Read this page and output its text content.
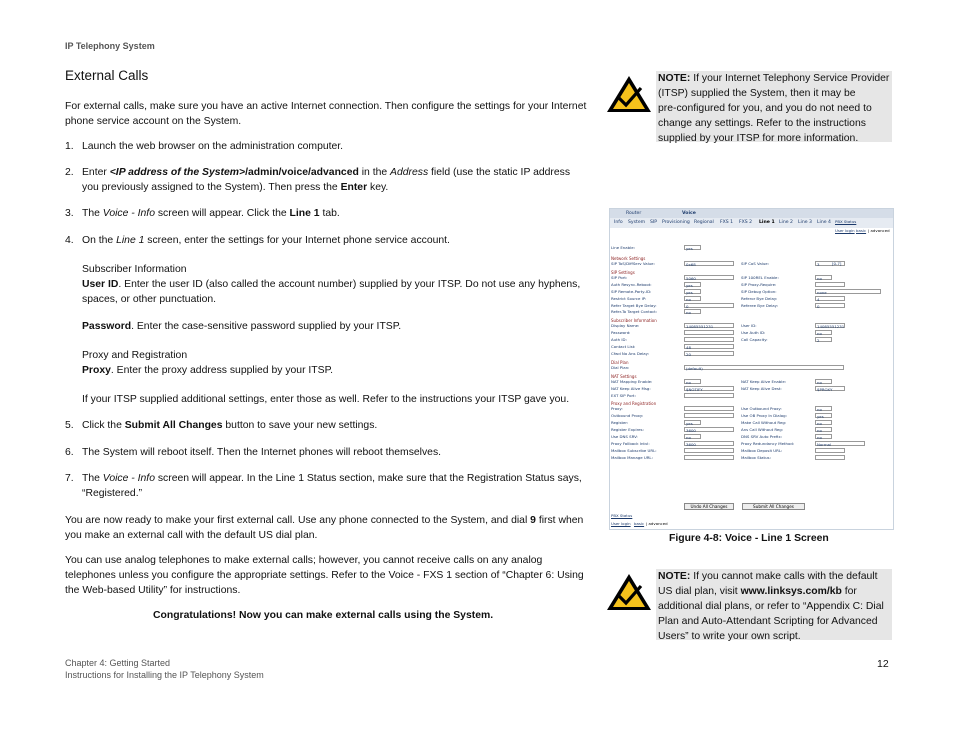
IP Telephony System
External Calls
For external calls, make sure you have an active Internet connection. Then configure the settings for your Internet phone service account on the System.
1. Launch the web browser on the administration computer.
2. Enter <IP address of the System>/admin/voice/advanced in the Address field (use the static IP address
you previously assigned to the System). Then press the Enter key.
3. The Voice - Info screen will appear. Click the Line 1 tab.
4. On the Line 1 screen, enter the settings for your Internet phone service account.
Subscriber Information
User ID. Enter the user ID (also called the account number) supplied by your ITSP. Do not use any hyphens,
spaces, or other punctuation.
Password. Enter the case-sensitive password supplied by your ITSP.
Proxy and Registration
Proxy. Enter the proxy address supplied by your ITSP.
If your ITSP supplied additional settings, enter those as well. Refer to the instructions your ITSP gave you.
5. Click the Submit All Changes button to save your new settings.
6. The System will reboot itself. Then the Internet phones will reboot themselves.
7. The Voice - Info screen will appear. In the Line 1 Status section, make sure that the Registration Status says,
“Registered.”
You are now ready to make your first external call. Use any phone connected to the System, and dial 9 first when
you make an external call with the default US dial plan.
You can use analog telephones to make external calls; however, you cannot receive calls on any analog
telephones unless you configure the appropriate settings. Refer to the Voice - FXS 1 section of “Chapter 6: Using
the Web-based Utility” for instructions.
Congratulations! Now you can make external calls using the System.
NOTE: If your Internet Telephony Service Provider
(ITSP) supplied the System, then it may be
pre-configured for you, and you do not need to
change any settings. Refer to the instructions
supplied by your ITSP for more information.
NOTE: If you cannot make calls with the default
US dial plan, visit www.linksys.com/kb for
additional dial plans, or refer to “Appendix C: Dial
Plan and Auto-Attendant Scripting for Advanced
Users” to write your own script.
Router	Voice
Info System SIP Provisioning Regional FXS 1 FXS 2 Line 1 Line 2 Line 3 Line 4 PBX Status
User login basic | advanced
Line Enable:	yes
Network Settings
SIP ToS/DiffServ Value:	0x68	SIP CoS Value:	3	[0-7]
SIP Settings
SIP Port:	5060	SIP 100REL Enable:	no
Auth Resync-Reboot:	yes	SIP Proxy-Require:
SIP Remote-Party-ID:	yes	SIP Debug Option:	none
Restrict Source IP:	no	Referor Bye Delay:	4
Refer Target Bye Delay:	0	Referee Bye Delay:	0
Refer-To Target Contact:	no
Subscriber Information
Display Name:	14085551231	User ID:	14085551231
Password:	Use Auth ID:	no
Auth ID:	Call Capacity:	2
Contact List:	48
Cfwd No Ans Delay:	20
Dial Plan
Dial Plan:	(default)
NAT Settings
NAT Mapping Enable:	no	NAT Keep Alive Enable:	no
NAT Keep Alive Msg:	$NOTIFY	NAT Keep Alive Dest:	$PROXY
EXT SIP Port:
Proxy and Registration
Proxy:	Use Outbound Proxy:	no
Outbound Proxy:	Use OB Proxy In Dialog:	yes
Register:	yes	Make Call Without Reg:	no
Register Expires:	3600	Ans Call Without Reg:	no
Use DNS SRV:	no	DNS SRV Auto Prefix:	no
Proxy Fallback Intvl:	3600	Proxy Redundancy Method:	Normal
Mailbox Subscribe URL:	Mailbox Deposit URL:
Mailbox Manage URL:	Mailbox Status:
Undo All Changes	Submit All Changes
PBX Status
User login basic | advanced
Figure 4-8: Voice - Line 1 Screen
Chapter 4: Getting Started
Instructions for Installing the IP Telephony System
12
